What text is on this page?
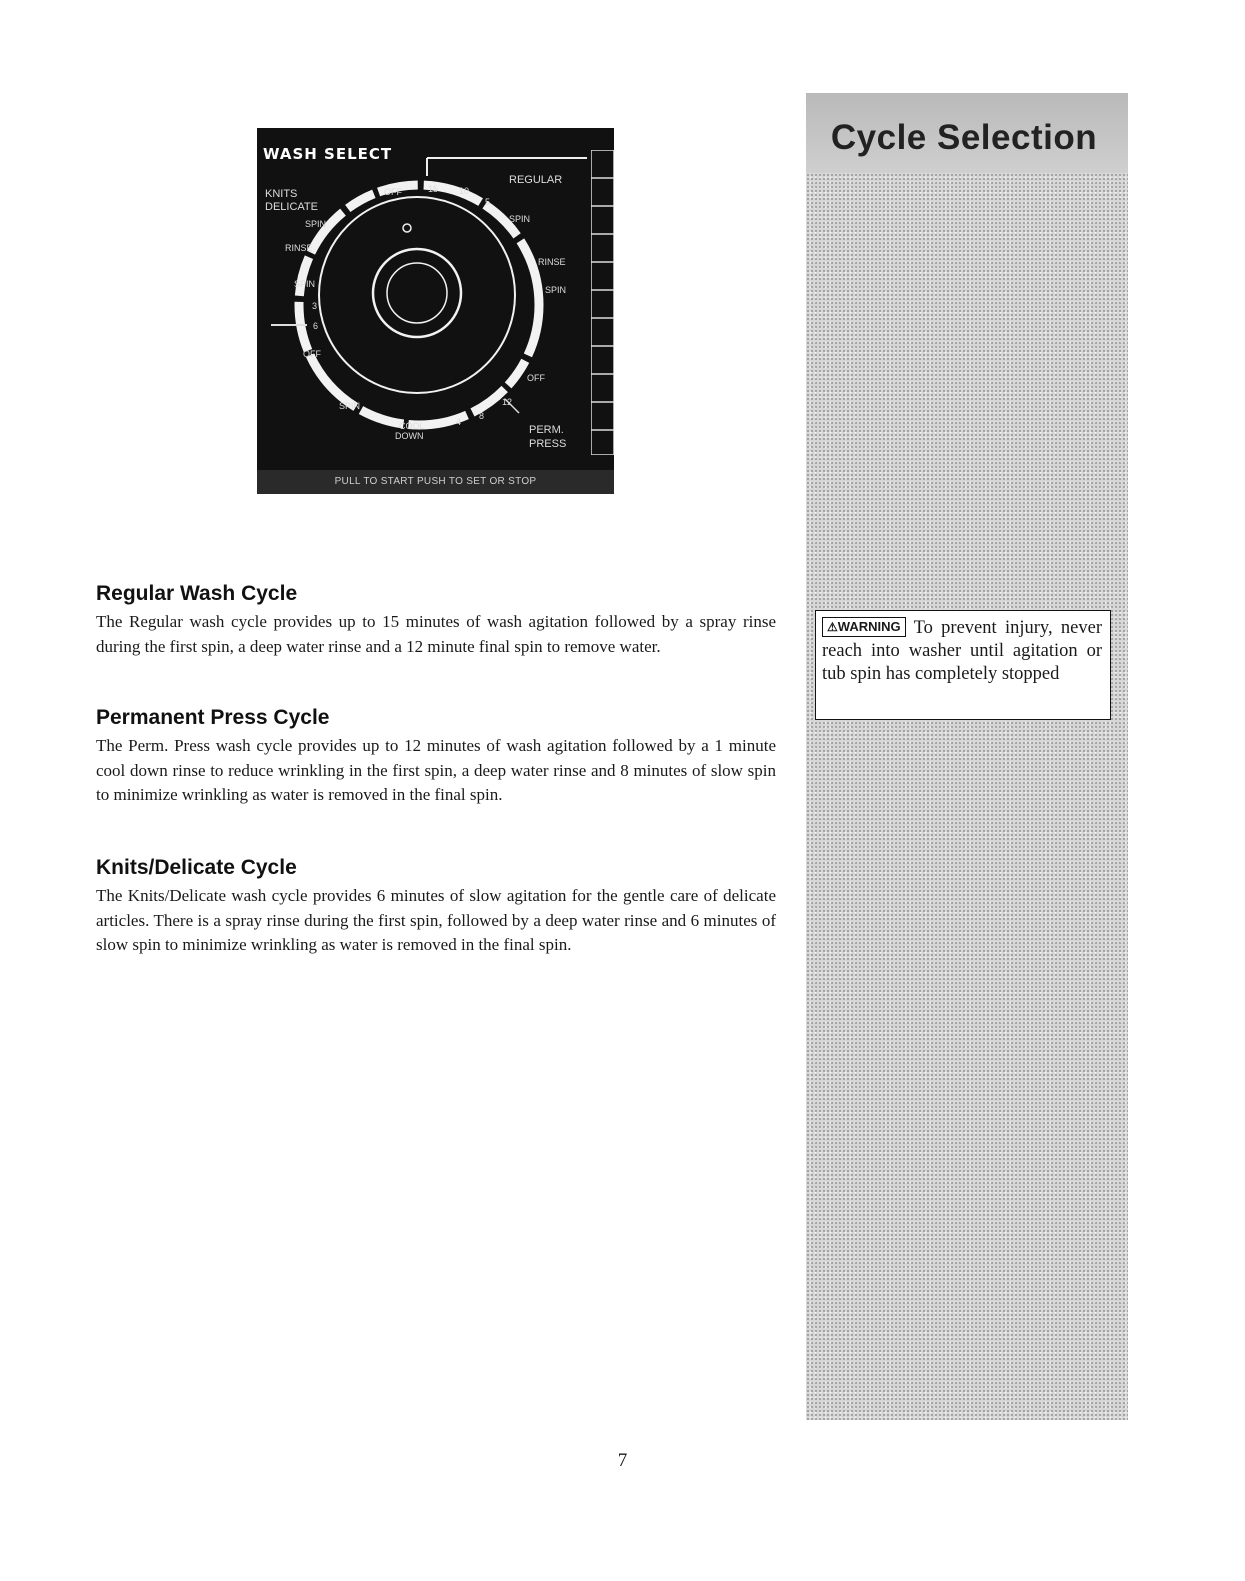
WASH SELECT
KNITS
DELICATE
SPIN
RINSE
SPIN
3
6
OFF
SPIN
COOL
DOWN
OFF	15 10
5
REGULAR
SPIN
RINSE
SPIN
OFF
12
8
4
PERM.
PRESS
PULL TO START PUSH TO SET OR STOP
Regular Wash Cycle

The Regular wash cycle provides up to 15 minutes of wash agitation followed by a spray rinse during the first spin, a deep water rinse and a 12 minute final spin to remove water.

Permanent Press Cycle

The Perm. Press wash cycle provides up to 12 minutes of wash agitation followed by a 1 minute cool down rinse to reduce wrinkling in the first spin, a deep water rinse and 8 minutes of slow spin to minimize wrinkling as water is removed in the final spin.

Knits/Delicate Cycle

The Knits/Delicate wash cycle provides 6 minutes of slow agitation for the gentle care of delicate articles. There is a spray rinse during the first spin, followed by a deep water rinse and 6 minutes of slow spin to minimize wrinkling as water is removed in the final spin.

Cycle Selection
⚠WARNING To prevent injury, never reach into washer until agitation or tub spin has completely stopped
7
